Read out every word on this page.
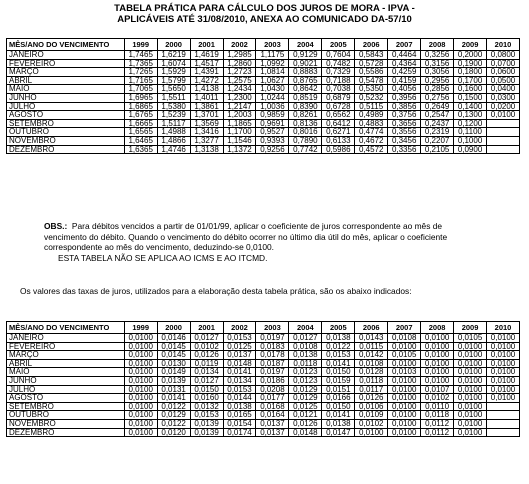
TABELA PRÁTICA PARA CÁLCULO DOS JUROS DE MORA - IPVA -
APLICÁVEIS ATÉ 31/08/2010, ANEXA AO COMUNICADO DA-57/10
MÊS/ANO DO VENCIMENTO	1999	2000	2001	2002	2003	2004	2005	2006	2007	2008	2009	2010
JANEIRO	1,7465	1,6219	1,4619	1,2985	1,1175	0,9129	0,7604	0,5843	0,4464	0,3256	0,2000	0,0800
FEVEREIRO	1,7365	1,6074	1,4517	1,2860	1,0992	0,9021	0,7482	0,5728	0,4364	0,3156	0,1900	0,0700
MARÇO	1,7265	1,5929	1,4391	1,2723	1,0814	0,8883	0,7329	0,5586	0,4259	0,3056	0,1800	0,0600
ABRIL	1,7165	1,5799	1,4272	1,2575	1,0627	0,8765	0,7188	0,5478	0,4159	0,2956	0,1700	0,0500
MAIO	1,7065	1,5650	1,4138	1,2434	1,0430	0,8642	0,7038	0,5350	0,4056	0,2856	0,1600	0,0400
JUNHO	1,6965	1,5511	1,4011	1,2300	1,0244	0,8519	0,6879	0,5232	0,3956	0,2756	0,1500	0,0300
JULHO	1,6865	1,5380	1,3861	1,2147	1,0036	0,8390	0,6728	0,5115	0,3856	0,2649	0,1400	0,0200
AGOSTO	1,6765	1,5239	1,3701	1,2003	0,9859	0,8261	0,6562	0,4989	0,3756	0,2547	0,1300	0,0100
SETEMBRO	1,6665	1,5117	1,3569	1,1865	0,9691	0,8136	0,6412	0,4883	0,3656	0,2437	0,1200	
OUTUBRO	1,6565	1,4988	1,3416	1,1700	0,9527	0,8016	0,6271	0,4774	0,3556	0,2319	0,1100	
NOVEMBRO	1,6465	1,4866	1,3277	1,1546	0,9393	0,7890	0,6133	0,4672	0,3456	0,2207	0,1000	
DEZEMBRO	1,6365	1,4746	1,3138	1,1372	0,9256	0,7742	0,5986	0,4572	0,3356	0,2105	0,0900	
OBS.: Para débitos vencidos a partir de 01/01/99, aplicar o coeficiente de juros correspondente ao mês de vencimento do débito. Quando o vencimento do débito ocorrer no último dia útil do mês, aplicar o coeficiente correspondente ao mês do vencimento, deduzindo-se 0,0100.
ESTA TABELA NÃO SE APLICA AO ICMS E AO ITCMD.
Os valores das taxas de juros, utilizados para a elaboração desta tabela prática, são os abaixo indicados:
MÊS/ANO DO VENCIMENTO	1999	2000	2001	2002	2003	2004	2005	2006	2007	2008	2009	2010
JANEIRO	0,0100	0,0146	0,0127	0,0153	0,0197	0,0127	0,0138	0,0143	0,0108	0,0100	0,0105	0,0100
FEVEREIRO	0,0100	0,0145	0,0102	0,0125	0,0183	0,0108	0,0122	0,0115	0,0100	0,0100	0,0100	0,0100
MARÇO	0,0100	0,0145	0,0126	0,0137	0,0178	0,0138	0,0153	0,0142	0,0105	0,0100	0,0100	0,0100
ABRIL	0,0100	0,0130	0,0119	0,0148	0,0187	0,0118	0,0141	0,0108	0,0100	0,0100	0,0100	0,0100
MAIO	0,0100	0,0149	0,0134	0,0141	0,0197	0,0123	0,0150	0,0128	0,0103	0,0100	0,0100	0,0100
JUNHO	0,0100	0,0139	0,0127	0,0134	0,0186	0,0123	0,0159	0,0118	0,0100	0,0100	0,0100	0,0100
JULHO	0,0100	0,0131	0,0150	0,0153	0,0208	0,0129	0,0151	0,0117	0,0100	0,0107	0,0100	0,0100
AGOSTO	0,0100	0,0141	0,0160	0,0144	0,0177	0,0129	0,0166	0,0126	0,0100	0,0102	0,0100	0,0100
SETEMBRO	0,0100	0,0122	0,0132	0,0138	0,0168	0,0125	0,0150	0,0106	0,0100	0,0110	0,0100	
OUTUBRO	0,0100	0,0129	0,0153	0,0165	0,0164	0,0121	0,0141	0,0109	0,0100	0,0118	0,0100	
NOVEMBRO	0,0100	0,0122	0,0139	0,0154	0,0137	0,0126	0,0138	0,0102	0,0100	0,0112	0,0100	
DEZEMBRO	0,0100	0,0120	0,0139	0,0174	0,0137	0,0148	0,0147	0,0100	0,0100	0,0112	0,0100	
